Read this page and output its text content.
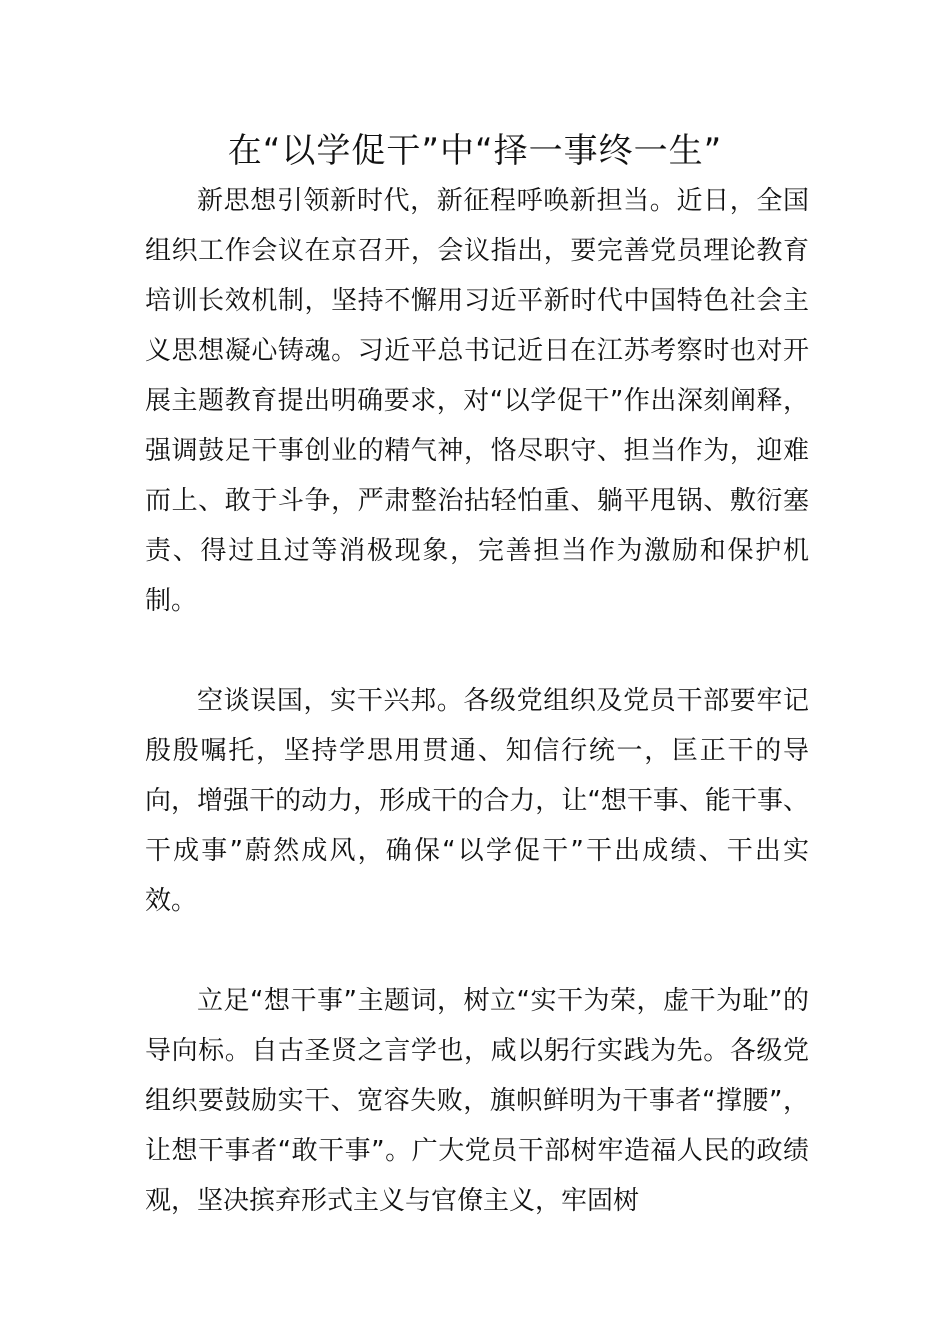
在“以学促干”中“择一事终一生”

新思想引领新时代，新征程呼唤新担当。近日，全国组织工作会议在京召开，会议指出，要完善党员理论教育培训长效机制，坚持不懈用习近平新时代中国特色社会主义思想凝心铸魂。习近平总书记近日在江苏考察时也对开展主题教育提出明确要求，对“以学促干”作出深刻阐释，强调鼓足干事创业的精气神，恪尽职守、担当作为，迎难而上、敢于斗争，严肃整治拈轻怕重、躺平甩锅、敷衍塞责、得过且过等消极现象，完善担当作为激励和保护机制。

空谈误国，实干兴邦。各级党组织及党员干部要牢记殷殷嘱托，坚持学思用贯通、知信行统一，匡正干的导向，增强干的动力，形成干的合力，让“想干事、能干事、干成事”蔚然成风，确保“以学促干”干出成绩、干出实效。

立足“想干事”主题词，树立“实干为荣，虚干为耻”的导向标。自古圣贤之言学也，咸以躬行实践为先。各级党组织要鼓励实干、宽容失败，旗帜鲜明为干事者“撑腰”，让想干事者“敢干事”。广大党员干部树牢造福人民的政绩观，坚决摈弃形式主义与官僚主义，牢固树
